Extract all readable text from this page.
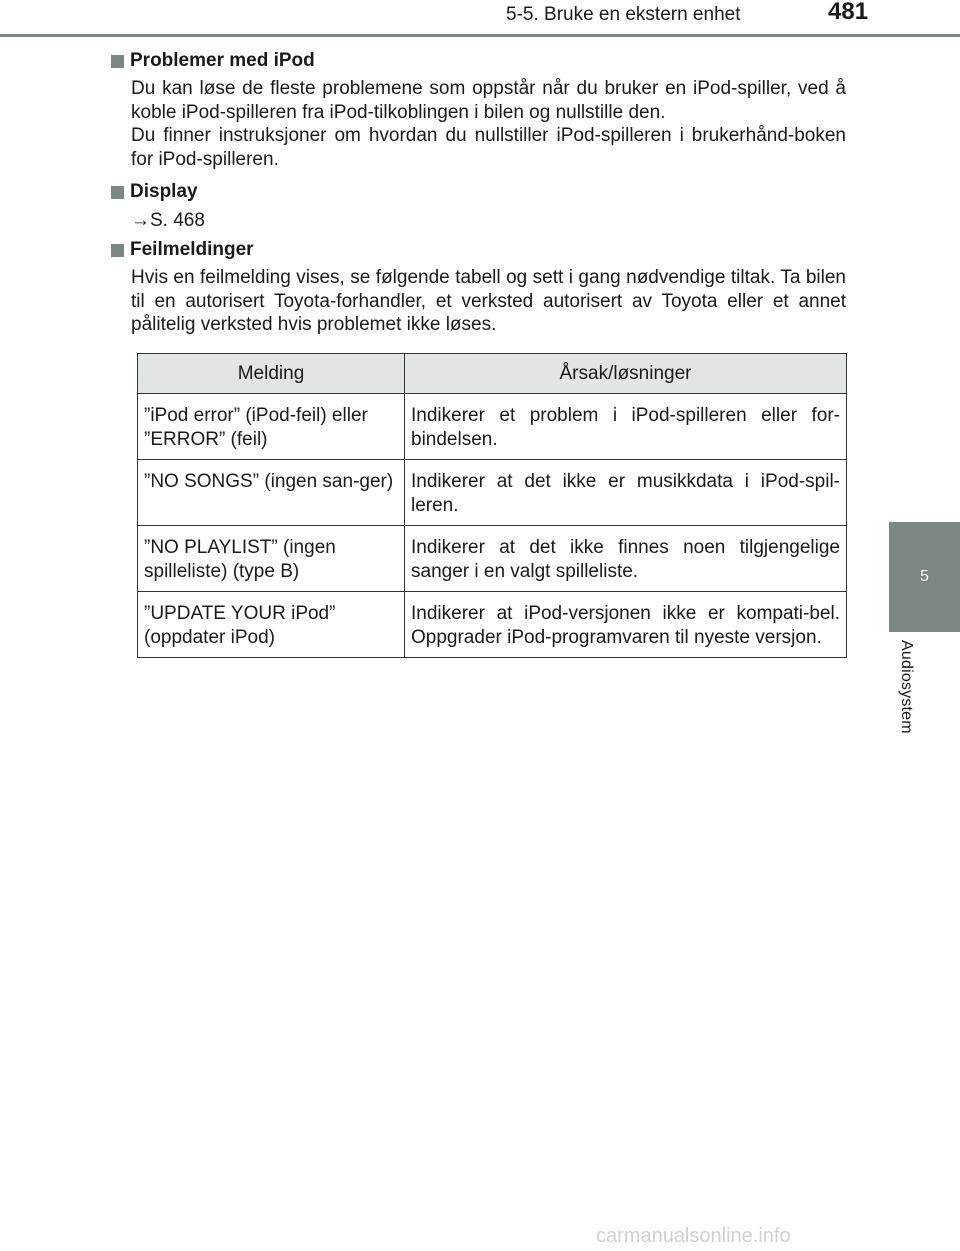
5-5. Bruke en ekstern enhet	481
5
Audiosystem
Problemer med iPod
Du kan løse de fleste problemene som oppstår når du bruker en iPod-spiller, ved å koble iPod-spilleren fra iPod-tilkoblingen i bilen og nullstille den.
Du finner instruksjoner om hvordan du nullstiller iPod-spilleren i brukerhånd-boken for iPod-spilleren.
Display
→S. 468
Feilmeldinger
Hvis en feilmelding vises, se følgende tabell og sett i gang nødvendige tiltak. Ta bilen til en autorisert Toyota-forhandler, et verksted autorisert av Toyota eller et annet pålitelig verksted hvis problemet ikke løses.
Melding	Årsak/løsninger
”iPod error” (iPod-feil) eller ”ERROR” (feil)	Indikerer et problem i iPod-spilleren eller for-bindelsen.
”NO SONGS” (ingen san-ger)	Indikerer at det ikke er musikkdata i iPod-spil-leren.
”NO PLAYLIST” (ingen spilleliste) (type B)	Indikerer at det ikke finnes noen tilgjengelige sanger i en valgt spilleliste.
”UPDATE YOUR iPod” (oppdater iPod)	Indikerer at iPod-versjonen ikke er kompati-bel. Oppgrader iPod-programvaren til nyeste versjon.
carmanualsonline.info
